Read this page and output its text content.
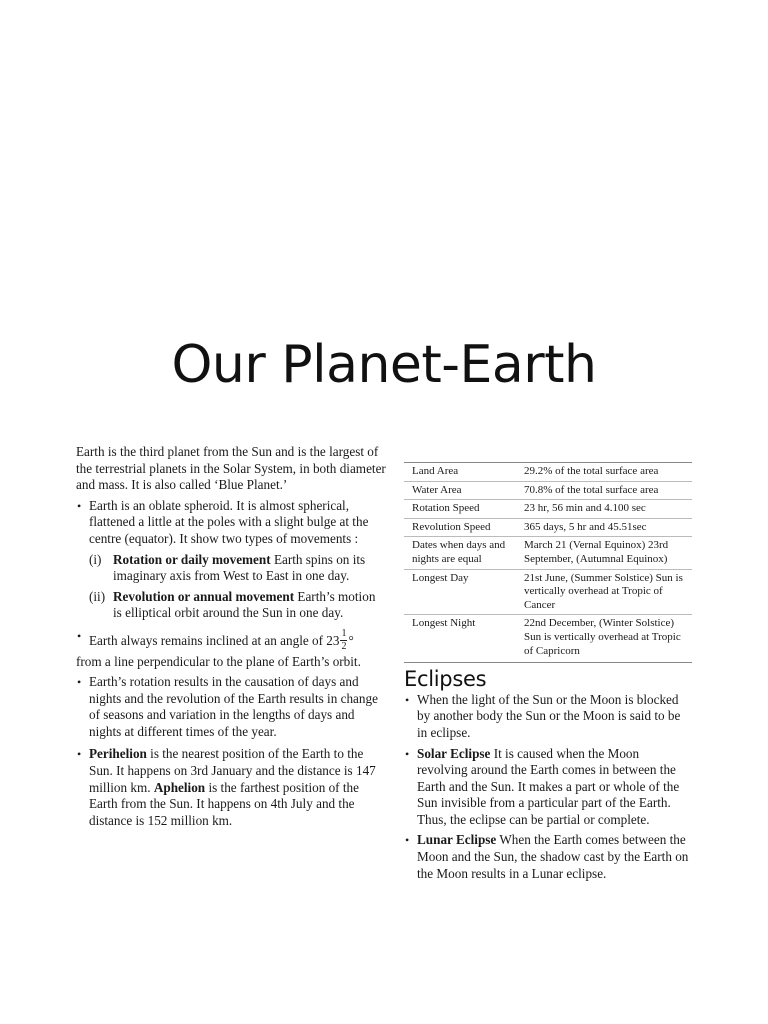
Our Planet-Earth

Earth is the third planet from the Sun and is the largest of the terrestrial planets in the Solar System, in both diameter and mass. It is also called ‘Blue Planet.’

• Earth is an oblate spheroid. It is almost spherical, flattened a little at the poles with a slight bulge at the centre (equator). It show two types of movements :
(i) Rotation or daily movement Earth spins on its imaginary axis from West to East in one day.
(ii) Revolution or annual movement Earth’s motion is elliptical orbit around the Sun in one day.
• Earth always remains inclined at an angle of $23 \frac{1}{2}$ °

from a line perpendicular to the plane of Earth’s orbit.

• Earth’s rotation results in the causation of days and nights and the revolution of the Earth results in change of seasons and variation in the lengths of days and nights at different times of the year.
• Perihelion is the nearest position of the Earth to the Sun. It happens on 3rd January and the distance is 147 million km. Aphelion is the farthest position of the Earth from the Sun. It happens on 4th July and the distance is 152 million km.
Land Area	29.2% of the total surface area
Water Area	70.8% of the total surface area
Rotation Speed	23 hr, 56 min and 4.100 sec
Revolution Speed	365 days, 5 hr and 45.51sec
Dates when days and nights are equal	March 21 (Vernal Equinox) 23rd September, (Autumnal Equinox)
Longest Day	21st June, (Summer Solstice) Sun is vertically overhead at Tropic of Cancer
Longest Night	22nd December, (Winter Solstice) Sun is vertically overhead at Tropic of Capricorn
Eclipses
• When the light of the Sun or the Moon is blocked by another body the Sun or the Moon is said to be in eclipse.
• Solar Eclipse It is caused when the Moon revolving around the Earth comes in between the Earth and the Sun. It makes a part or whole of the Sun invisible from a particular part of the Earth. Thus, the eclipse can be partial or complete.
• Lunar Eclipse When the Earth comes between the Moon and the Sun, the shadow cast by the Earth on the Moon results in a Lunar eclipse.
